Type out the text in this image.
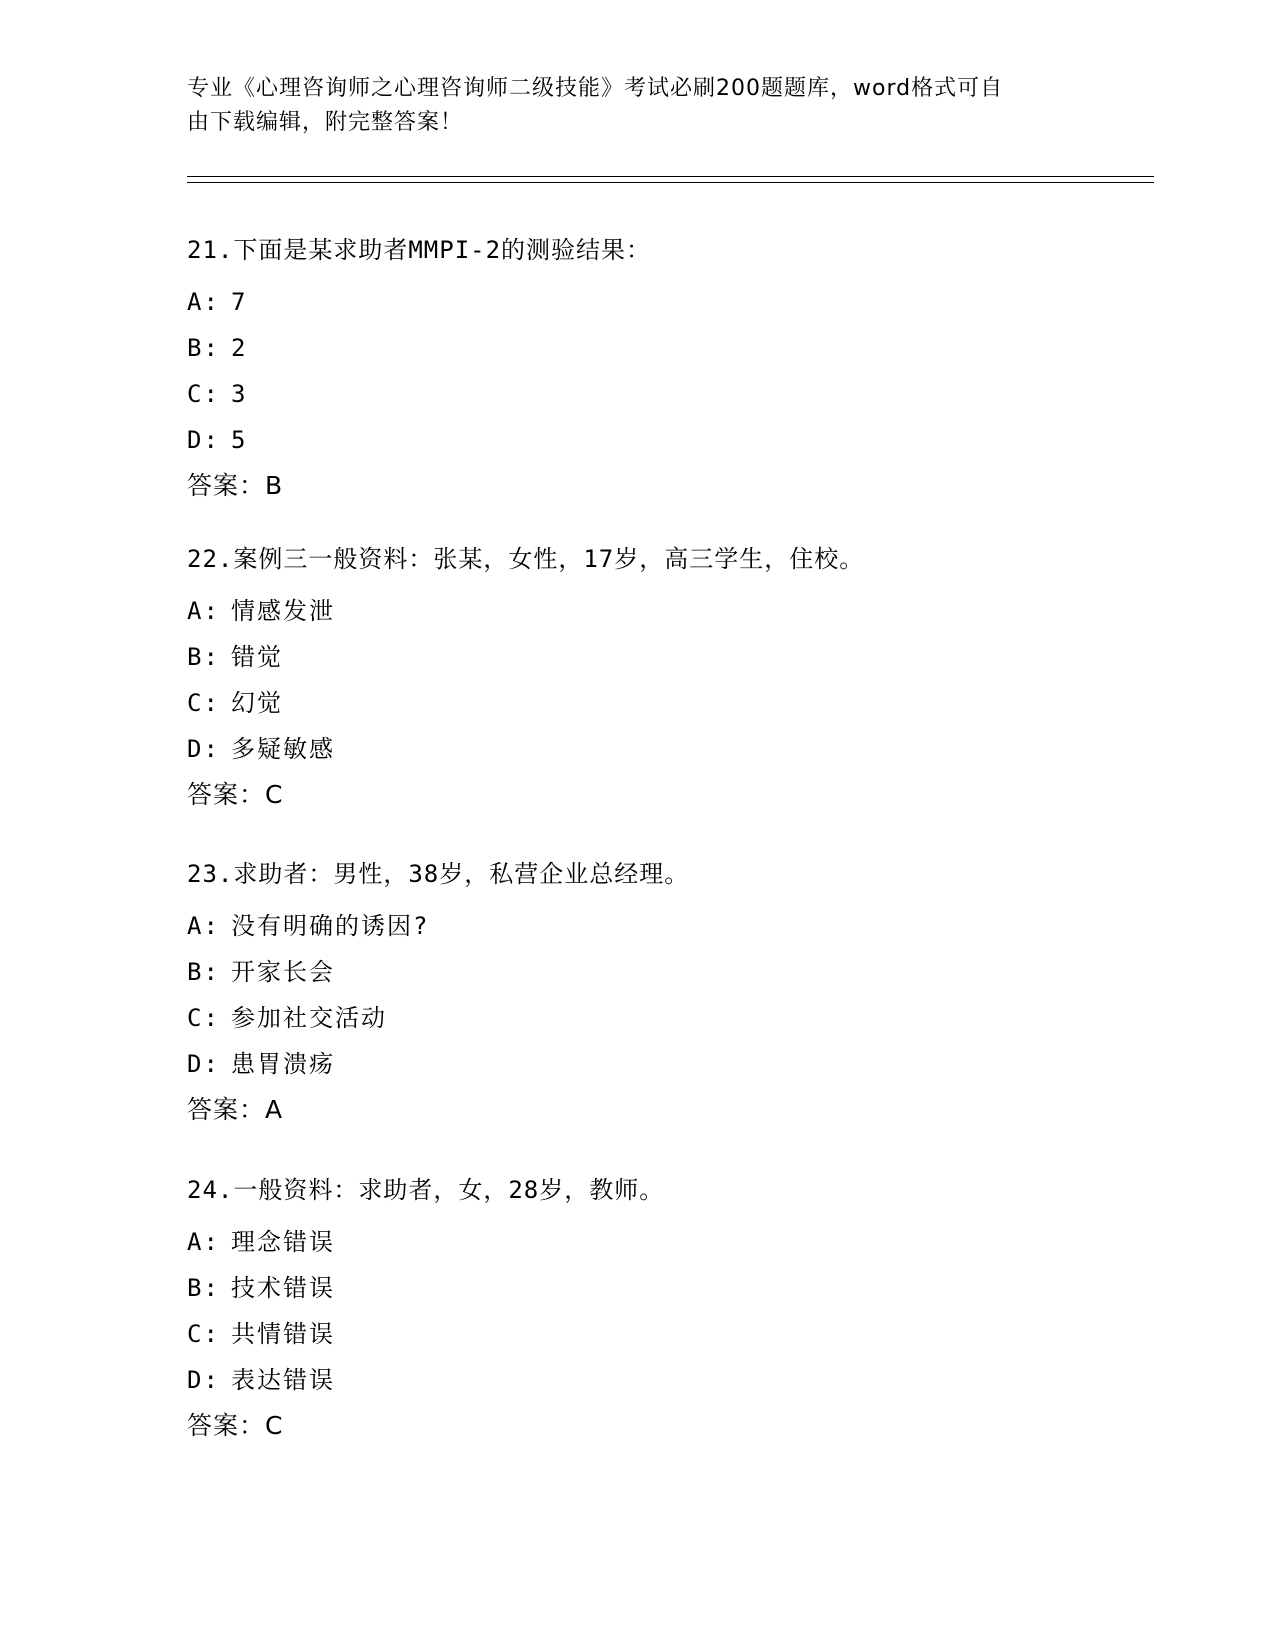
专业《心理咨询师之心理咨询师二级技能》考试必刷200题题库，word格式可自
由下载编辑，附完整答案！
21.下面是某求助者MMPI-2的测验结果：
A: 7
B: 2
C: 3
D: 5
答案：B
22.案例三一般资料：张某，女性，17岁，高三学生，住校。
A: 情感发泄
B: 错觉
C: 幻觉
D: 多疑敏感
答案：C
23.求助者：男性，38岁，私营企业总经理。
A: 没有明确的诱因?
B: 开家长会
C: 参加社交活动
D: 患胃溃疡
答案：A
24.一般资料：求助者，女，28岁，教师。
A: 理念错误
B: 技术错误
C: 共情错误
D: 表达错误
答案：C
